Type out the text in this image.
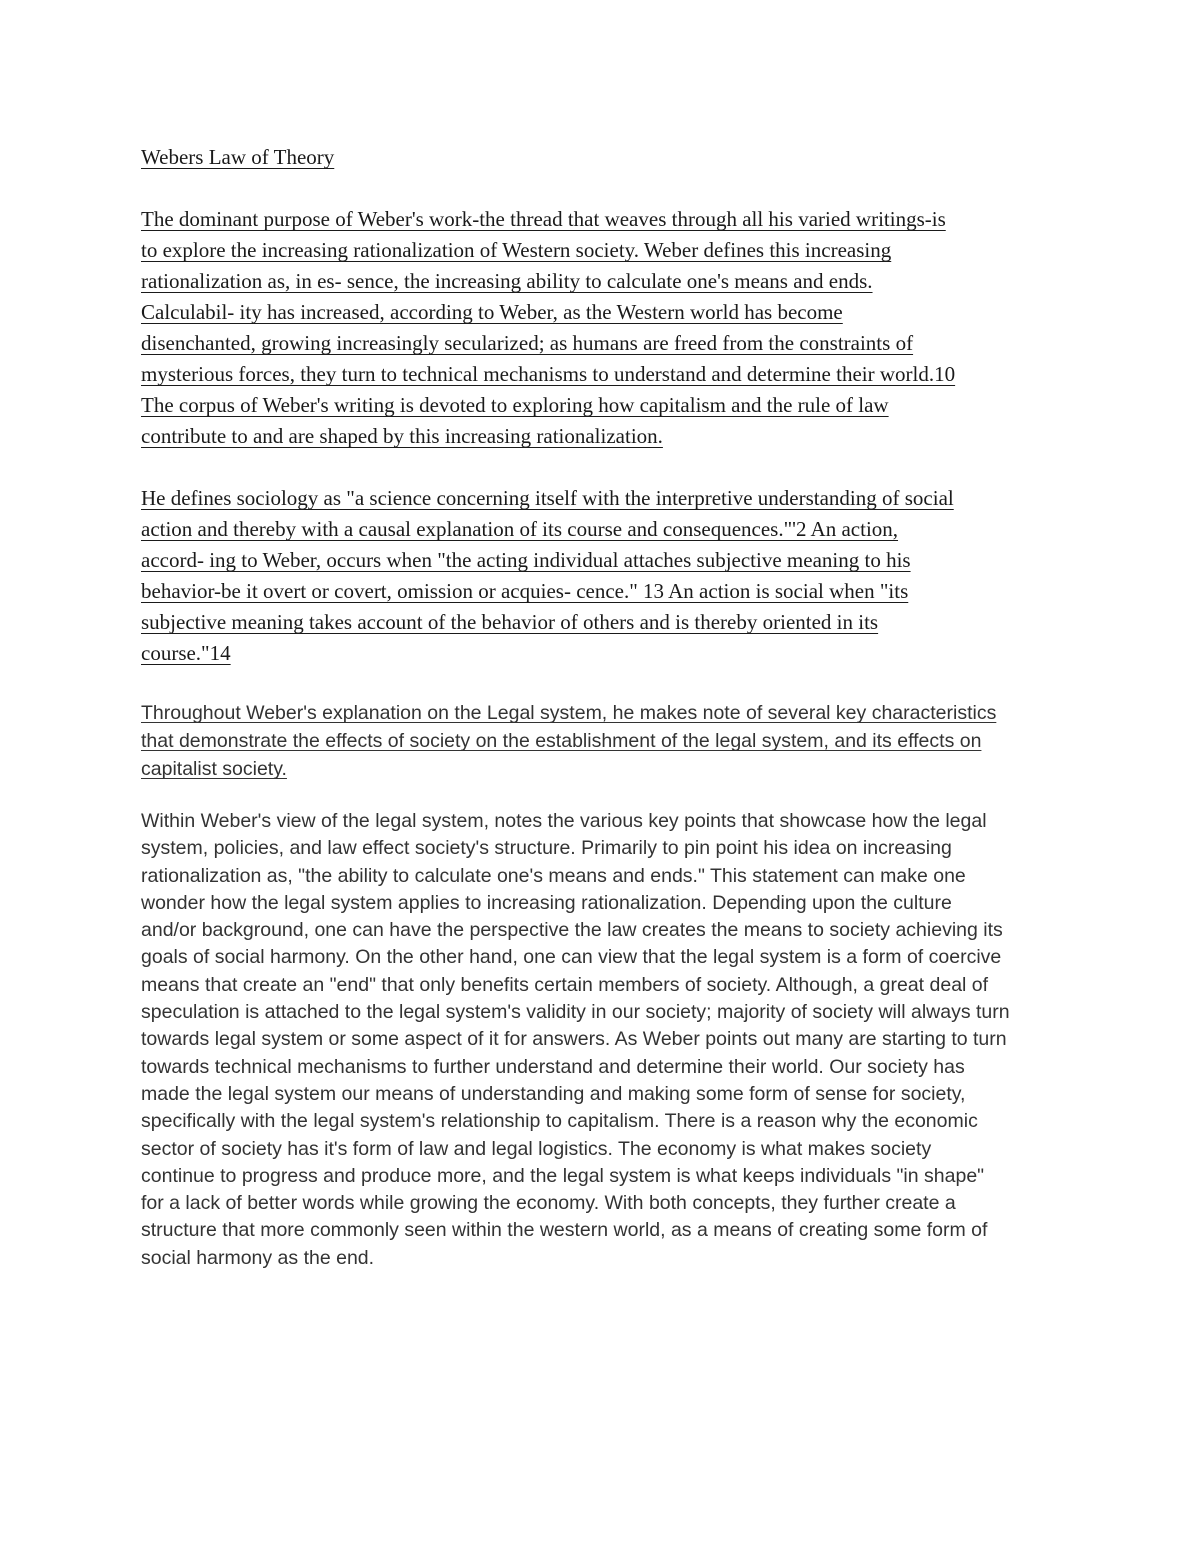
Webers Law of Theory

The dominant purpose of Weber's work-the thread that weaves through all his varied writings-is
to explore the increasing rationalization of Western society. Weber defines this increasing
rationalization as, in es- sence, the increasing ability to calculate one's means and ends.
Calculabil- ity has increased, according to Weber, as the Western world has become
disenchanted, growing increasingly secularized; as humans are freed from the constraints of
mysterious forces, they turn to technical mechanisms to understand and determine their world.10
The corpus of Weber's writing is devoted to exploring how capitalism and the rule of law
contribute to and are shaped by this increasing rationalization.

He defines sociology as "a science concerning itself with the interpretive understanding of social
action and thereby with a causal explanation of its course and consequences."'2 An action,
accord- ing to Weber, occurs when "the acting individual attaches subjective meaning to his
behavior-be it overt or covert, omission or acquies- cence." 13 An action is social when "its
subjective meaning takes account of the behavior of others and is thereby oriented in its
course."14

Throughout Weber's explanation on the Legal system, he makes note of several key characteristics
that demonstrate the effects of society on the establishment of the legal system, and its effects on
capitalist society.

Within Weber's view of the legal system, notes the various key points that showcase how the legal
system, policies, and law effect society's structure. Primarily to pin point his idea on increasing
rationalization as, "the ability to calculate one's means and ends." This statement can make one
wonder how the legal system applies to increasing rationalization. Depending upon the culture
and/or background, one can have the perspective the law creates the means to society achieving its
goals of social harmony. On the other hand, one can view that the legal system is a form of coercive
means that create an "end" that only benefits certain members of society. Although, a great deal of
speculation is attached to the legal system's validity in our society; majority of society will always turn
towards legal system or some aspect of it for answers. As Weber points out many are starting to turn
towards technical mechanisms to further understand and determine their world. Our society has
made the legal system our means of understanding and making some form of sense for society,
specifically with the legal system's relationship to capitalism. There is a reason why the economic
sector of society has it's form of law and legal logistics. The economy is what makes society
continue to progress and produce more, and the legal system is what keeps individuals "in shape"
for a lack of better words while growing the economy. With both concepts, they further create a
structure that more commonly seen within the western world, as a means of creating some form of
social harmony as the end.
